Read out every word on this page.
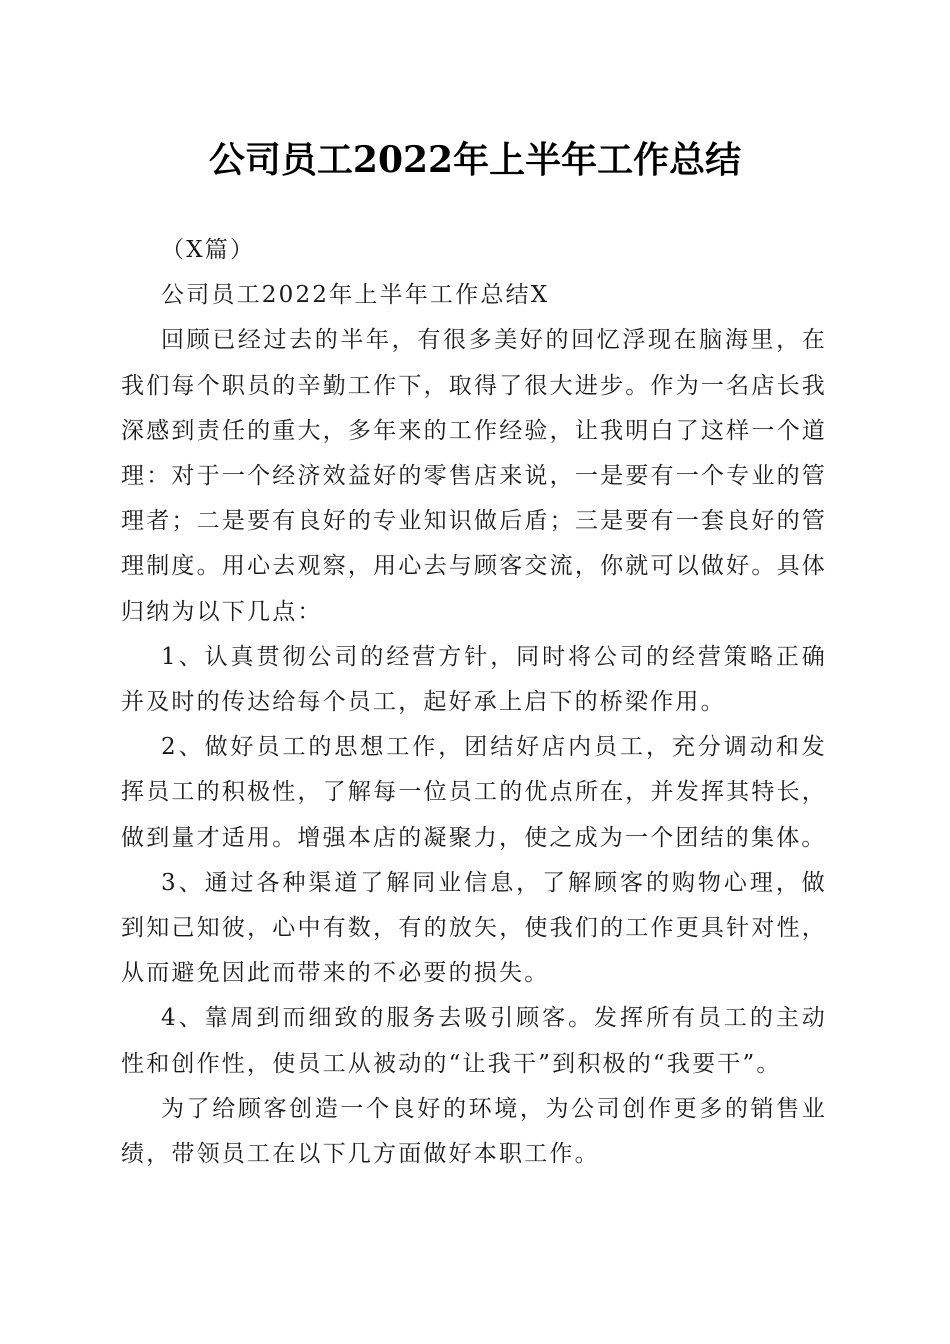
公司员工2022年上半年工作总结

（X篇）

公司员工2022年上半年工作总结X

回顾已经过去的半年，有很多美好的回忆浮现在脑海里，在我们每个职员的辛勤工作下，取得了很大进步。作为一名店长我深感到责任的重大，多年来的工作经验，让我明白了这样一个道理：对于一个经济效益好的零售店来说，一是要有一个专业的管理者；二是要有良好的专业知识做后盾；三是要有一套良好的管理制度。用心去观察，用心去与顾客交流，你就可以做好。具体归纳为以下几点：

1、认真贯彻公司的经营方针，同时将公司的经营策略正确并及时的传达给每个员工，起好承上启下的桥梁作用。

2、做好员工的思想工作，团结好店内员工，充分调动和发挥员工的积极性，了解每一位员工的优点所在，并发挥其特长，做到量才适用。增强本店的凝聚力，使之成为一个团结的集体。

3、通过各种渠道了解同业信息，了解顾客的购物心理，做到知己知彼，心中有数，有的放矢，使我们的工作更具针对性，从而避免因此而带来的不必要的损失。

4、靠周到而细致的服务去吸引顾客。发挥所有员工的主动性和创作性，使员工从被动的“让我干”到积极的“我要干”。

为了给顾客创造一个良好的环境，为公司创作更多的销售业绩，带领员工在以下几方面做好本职工作。
